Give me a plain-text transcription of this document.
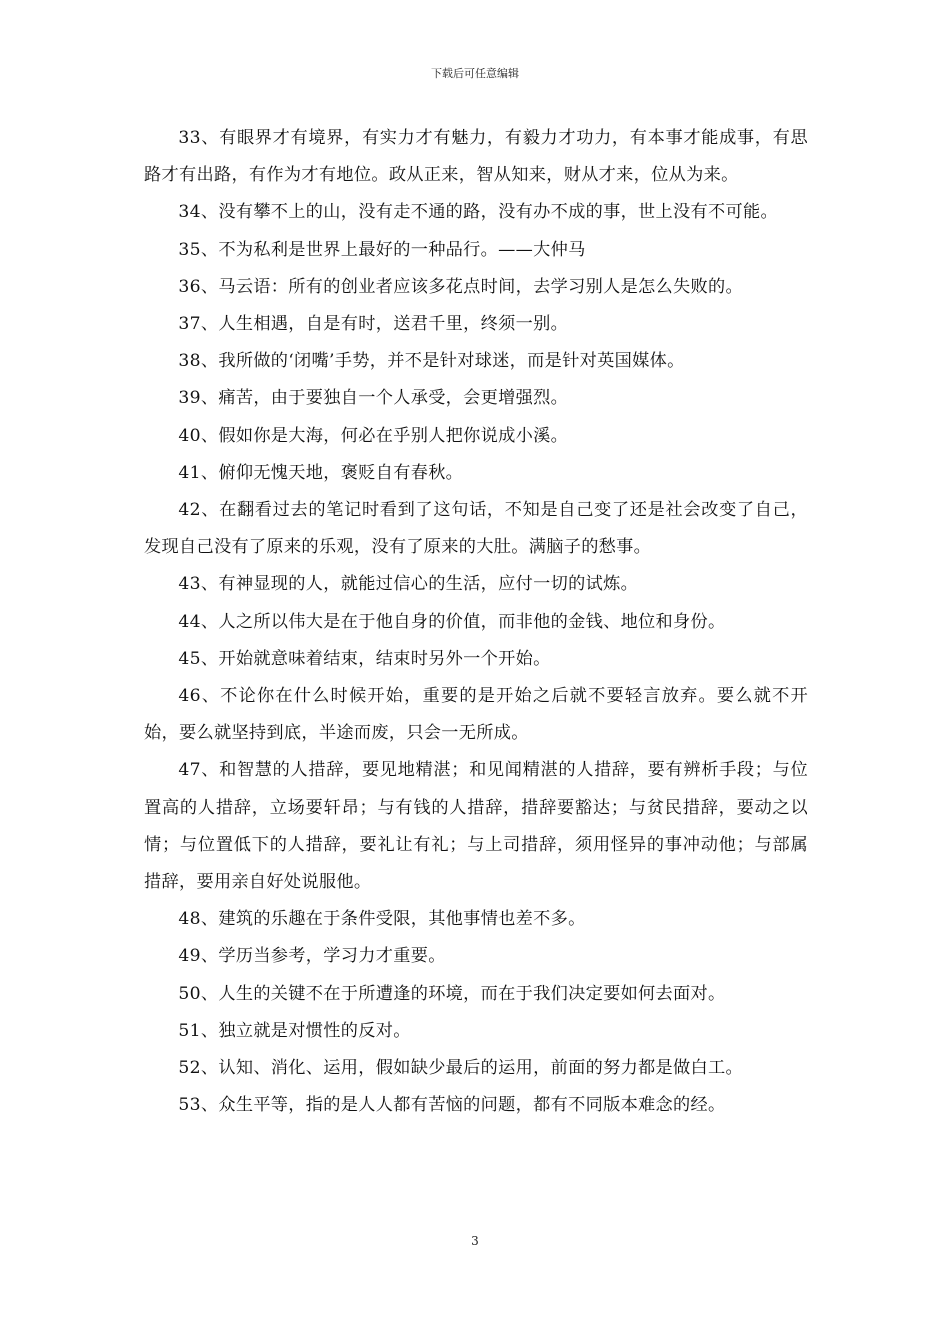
下载后可任意编辑

33、有眼界才有境界，有实力才有魅力，有毅力才功力，有本事才能成事，有思路才有出路，有作为才有地位。政从正来，智从知来，财从才来，位从为来。

34、没有攀不上的山，没有走不通的路，没有办不成的事，世上没有不可能。

35、不为私利是世界上最好的一种品行。——大仲马

36、马云语：所有的创业者应该多花点时间，去学习别人是怎么失败的。

37、人生相遇，自是有时，送君千里，终须一别。

38、我所做的‘闭嘴’手势，并不是针对球迷，而是针对英国媒体。

39、痛苦，由于要独自一个人承受，会更增强烈。

40、假如你是大海，何必在乎别人把你说成小溪。

41、俯仰无愧天地，褒贬自有春秋。

42、在翻看过去的笔记时看到了这句话，不知是自己变了还是社会改变了自己，发现自己没有了原来的乐观，没有了原来的大肚。满脑子的愁事。

43、有神显现的人，就能过信心的生活，应付一切的试炼。

44、人之所以伟大是在于他自身的价值，而非他的金钱、地位和身份。

45、开始就意味着结束，结束时另外一个开始。

46、不论你在什么时候开始，重要的是开始之后就不要轻言放弃。要么就不开始，要么就坚持到底，半途而废，只会一无所成。

47、和智慧的人措辞，要见地精湛；和见闻精湛的人措辞，要有辨析手段；与位置高的人措辞，立场要轩昂；与有钱的人措辞，措辞要豁达；与贫民措辞，要动之以情；与位置低下的人措辞，要礼让有礼；与上司措辞，须用怪异的事冲动他；与部属措辞，要用亲自好处说服他。

48、建筑的乐趣在于条件受限，其他事情也差不多。

49、学历当参考，学习力才重要。

50、人生的关键不在于所遭逢的环境，而在于我们决定要如何去面对。

51、独立就是对惯性的反对。

52、认知、消化、运用，假如缺少最后的运用，前面的努力都是做白工。

53、众生平等，指的是人人都有苦恼的问题，都有不同版本难念的经。

3
